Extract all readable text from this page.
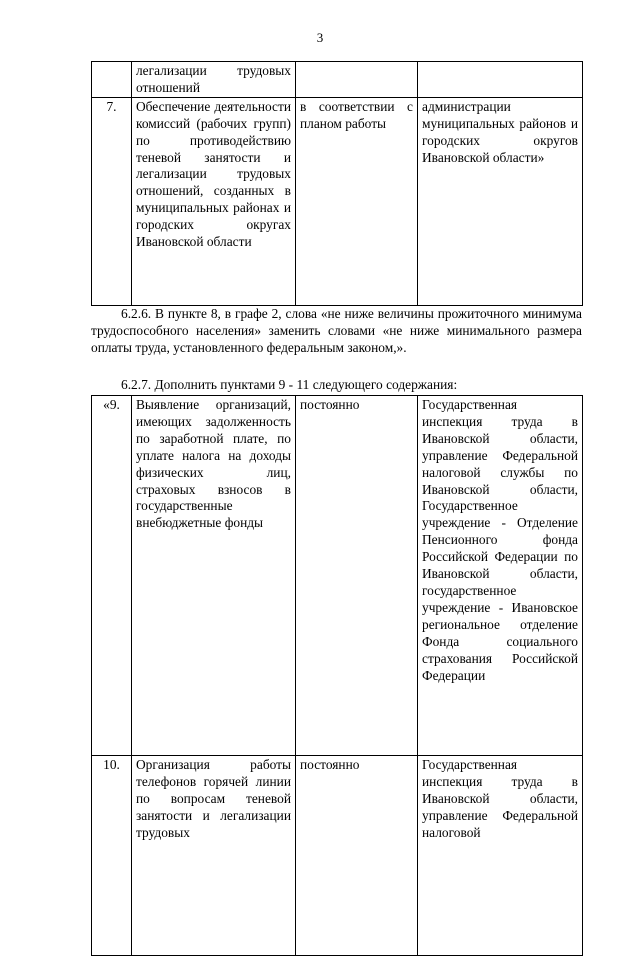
3
	легализации трудовых отношений		
7.	Обеспечение деятельности комиссий (рабочих групп) по противодействию теневой занятости и легализации трудовых отношений, созданных в муниципальных районах и городских округах Ивановской области	в соответствии с планом работы	администрации муниципальных районов и городских округов Ивановской области»
6.2.6. В пункте 8, в графе 2, слова «не ниже величины прожиточного минимума трудоспособного населения» заменить словами «не ниже минимального размера оплаты труда, установленного федеральным законом,».
6.2.7. Дополнить пунктами 9 - 11 следующего содержания:
«9.	Выявление организаций, имеющих задолженность по заработной плате, по уплате налога на доходы физических лиц, страховых взносов в государственные внебюджетные фонды	постоянно	Государственная инспекция труда в Ивановской области, управление Федеральной налоговой службы по Ивановской области, Государственное учреждение - Отделение Пенсионного фонда Российской Федерации по Ивановской области, государственное учреждение - Ивановское региональное отделение Фонда социального страхования Российской Федерации
10.	Организация работы телефонов горячей линии по вопросам теневой занятости и легализации трудовых	постоянно	Государственная инспекция труда в Ивановской области, управление Федеральной налоговой
